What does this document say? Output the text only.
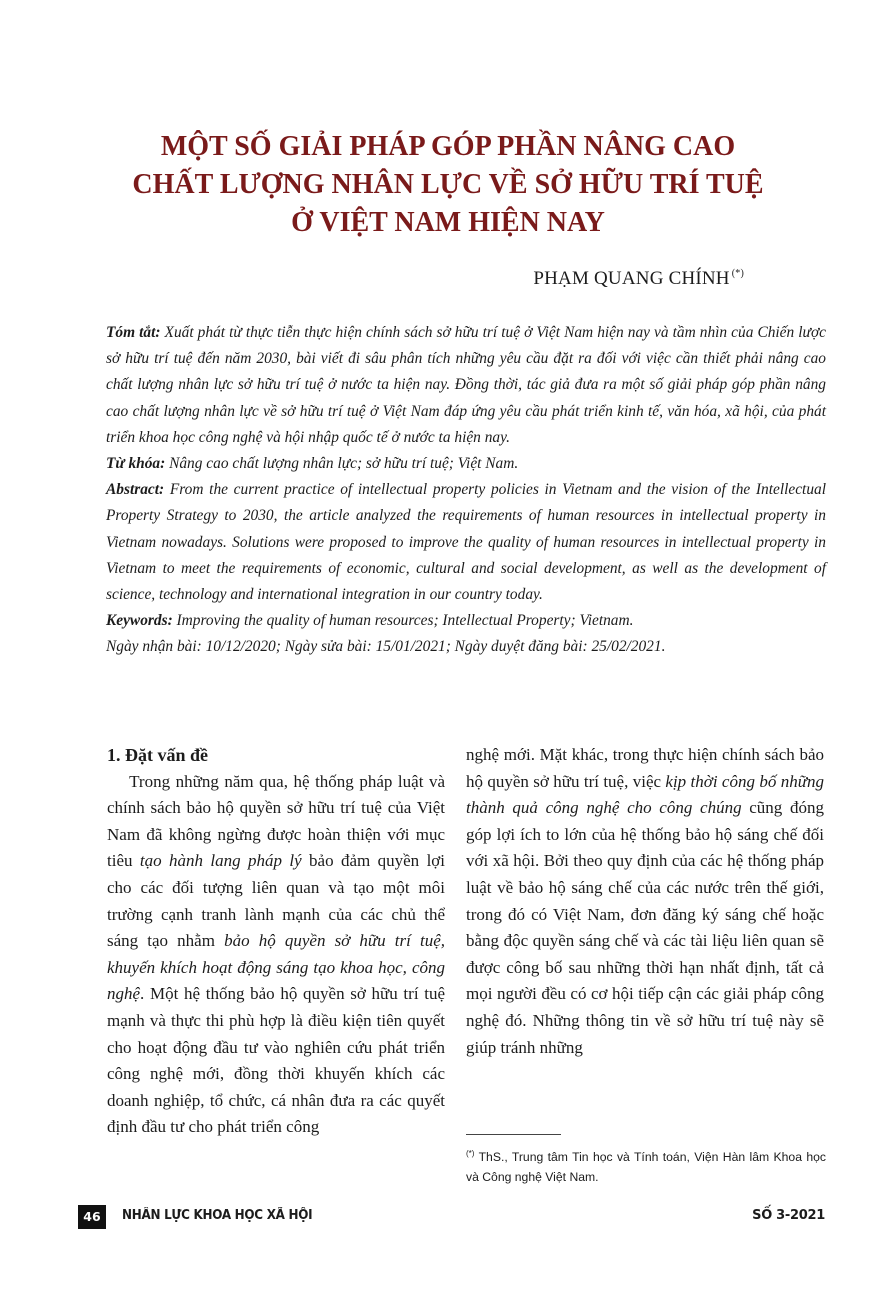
MỘT SỐ GIẢI PHÁP GÓP PHẦN NÂNG CAO
CHẤT LƯỢNG NHÂN LỰC VỀ SỞ HỮU TRÍ TUỆ
Ở VIỆT NAM HIỆN NAY
PHẠM QUANG CHÍNH (*)

Tóm tắt: Xuất phát từ thực tiễn thực hiện chính sách sở hữu trí tuệ ở Việt Nam hiện nay và tầm nhìn của Chiến lược sở hữu trí tuệ đến năm 2030, bài viết đi sâu phân tích những yêu cầu đặt ra đối với việc cần thiết phải nâng cao chất lượng nhân lực sở hữu trí tuệ ở nước ta hiện nay. Đồng thời, tác giả đưa ra một số giải pháp góp phần nâng cao chất lượng nhân lực về sở hữu trí tuệ ở Việt Nam đáp ứng yêu cầu phát triển kinh tế, văn hóa, xã hội, của phát triển khoa học công nghệ và hội nhập quốc tế ở nước ta hiện nay.

Từ khóa: Nâng cao chất lượng nhân lực; sở hữu trí tuệ; Việt Nam.

Abstract: From the current practice of intellectual property policies in Vietnam and the vision of the Intellectual Property Strategy to 2030, the article analyzed the requirements of human resources in intellectual property in Vietnam nowadays. Solutions were proposed to improve the quality of human resources in intellectual property in Vietnam to meet the requirements of economic, cultural and social development, as well as the development of science, technology and international integration in our country today.

Keywords: Improving the quality of human resources; Intellectual Property; Vietnam.

Ngày nhận bài: 10/12/2020; Ngày sửa bài: 15/01/2021; Ngày duyệt đăng bài: 25/02/2021.

1. Đặt vấn đề

Trong những năm qua, hệ thống pháp luật và chính sách bảo hộ quyền sở hữu trí tuệ của Việt Nam đã không ngừng được hoàn thiện với mục tiêu tạo hành lang pháp lý bảo đảm quyền lợi cho các đối tượng liên quan và tạo một môi trường cạnh tranh lành mạnh của các chủ thể sáng tạo nhằm bảo hộ quyền sở hữu trí tuệ, khuyến khích hoạt động sáng tạo khoa học, công nghệ. Một hệ thống bảo hộ quyền sở hữu trí tuệ mạnh và thực thi phù hợp là điều kiện tiên quyết cho hoạt động đầu tư vào nghiên cứu phát triển công nghệ mới, đồng thời khuyến khích các doanh nghiệp, tổ chức, cá nhân đưa ra các quyết định đầu tư cho phát triển công

nghệ mới. Mặt khác, trong thực hiện chính sách bảo hộ quyền sở hữu trí tuệ, việc kịp thời công bố những thành quả công nghệ cho công chúng cũng đóng góp lợi ích to lớn của hệ thống bảo hộ sáng chế đối với xã hội. Bởi theo quy định của các hệ thống pháp luật về bảo hộ sáng chế của các nước trên thế giới, trong đó có Việt Nam, đơn đăng ký sáng chế hoặc bằng độc quyền sáng chế và các tài liệu liên quan sẽ được công bố sau những thời hạn nhất định, tất cả mọi người đều có cơ hội tiếp cận các giải pháp công nghệ đó. Những thông tin về sở hữu trí tuệ này sẽ giúp tránh những

(*) ThS., Trung tâm Tin học và Tính toán, Viện Hàn lâm Khoa học và Công nghệ Việt Nam.
46	NHÂN LỰC KHOA HỌC XÃ HỘI	SỐ 3-2021
